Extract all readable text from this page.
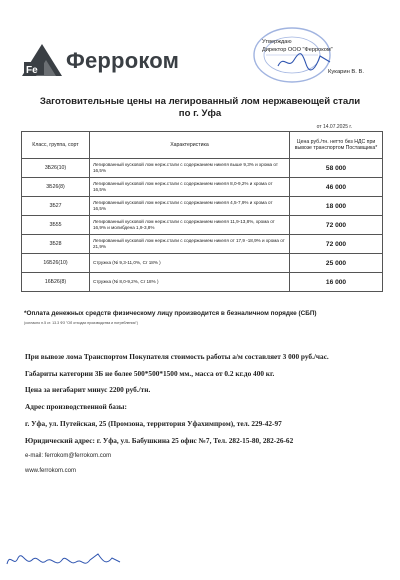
Fe Ферроком
Утверждаю
Директор ООО "Ферроком"
Кукарин В. В.
Заготовительные цены на легированный лом нержавеющей стали
по г. Уфа
от 14.07.2025 г.
Класс, группа, сорт	Характеристика	Цена руб./тн. нетто без НДС при вывозе транспортом Поставщика*
3Б26(10)	Легированный кусковой лом нерж.стали с содержанием никеля выше 9,3% и хрома от 16,5%	58 000
3Б26(8)	Легированный кусковой лом нерж.стали с содержанием никеля 8,0-9,2% и хрома от 16,5%	46 000
3Б27	Легированный кусковой лом нерж.стали с содержанием никеля 4,5-7,9% и хрома от 16,5%	18 000
3Б55	Легированный кусковой лом нерж.стали с содержанием никеля 11,9-13,8%, хрома от 16,9% и молибдена 1,9-3,8%	72 000
3Б28	Легированный кусковой лом нерж.стали с содержанием никеля от 17,9 -18,9% и хрома от 21,9%	72 000
16Б26(10)	Стружка (Ni 9,3-11,0%, Cr 18% )	25 000
16Б26(8)	Стружка (Ni 8,0-9,2%, Cr 18% )	16 000
*Оплата денежных средств физическому лицу производится в безналичном порядке (СБП)
(согласно п.5 ст. 13.3 ФЗ "Об отходах производства и потребления")
При вывозе лома Транспортом Покупателя стоимость работы а/м составляет 3 000 руб./час.
Габариты категории 3Б не более 500*500*1500 мм., масса от 0.2 кг.до 400 кг.
Цена за негабарит минус 2200 руб./тн.
Адрес производственной базы:
г. Уфа, ул. Путейская, 25 (Промзона, территория Уфахимпром), тел. 229-42-97
Юридический адрес: г. Уфа, ул. Бабушкина 25 офис №7, Тел. 282-15-80, 282-26-62
e-mail: ferrokom@ferrokom.com
www.ferrokom.com
